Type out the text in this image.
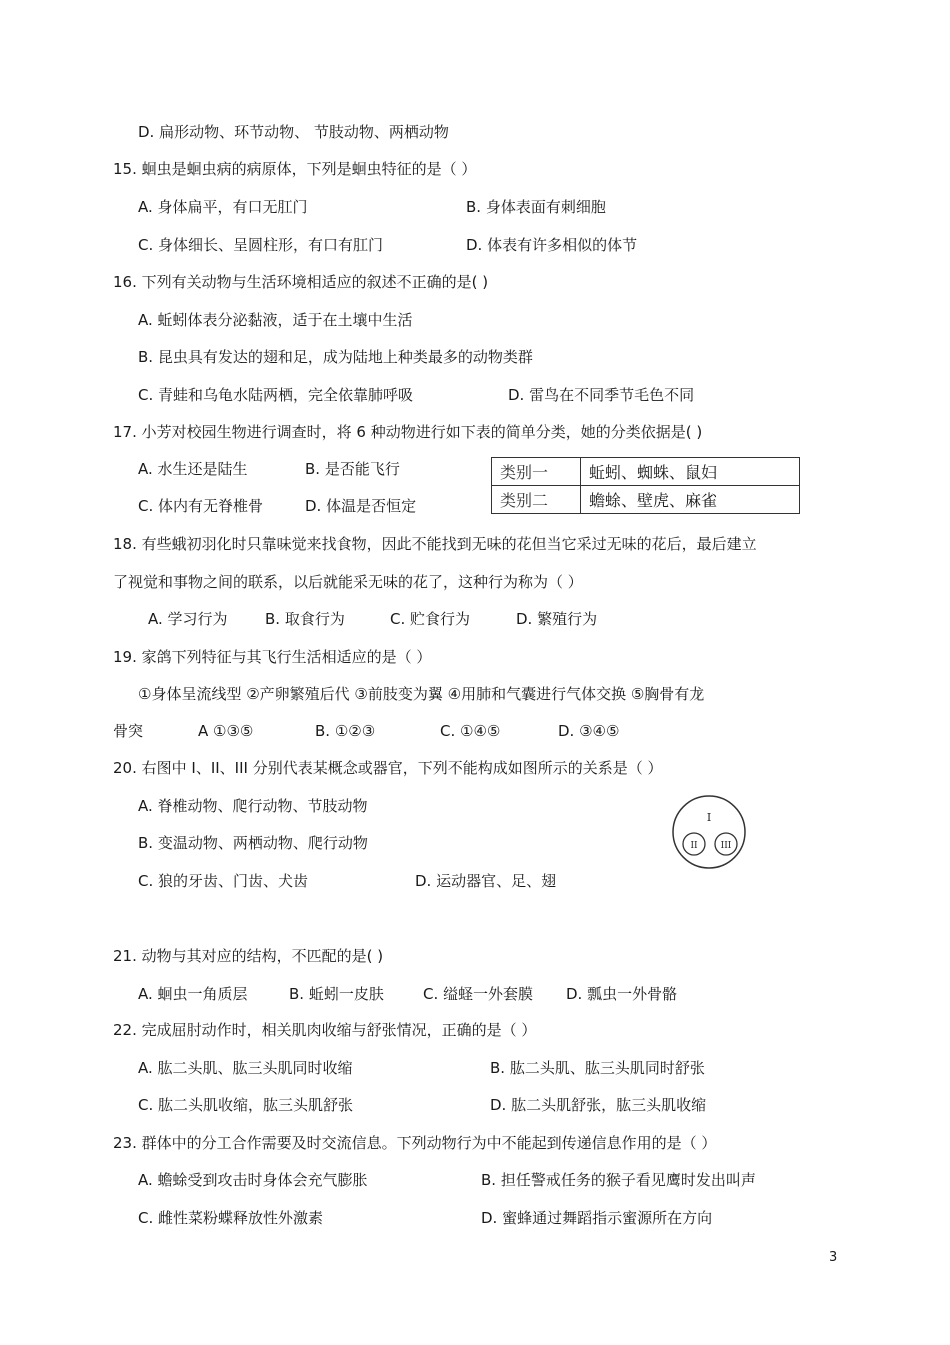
D. 扁形动物、环节动物、 节肢动物、两栖动物
15. 蛔虫是蛔虫病的病原体，下列是蛔虫特征的是（ ）
A. 身体扁平，有口无肛门	B. 身体表面有刺细胞
C. 身体细长、呈圆柱形，有口有肛门	D. 体表有许多相似的体节
16. 下列有关动物与生活环境相适应的叙述不正确的是( )
A. 蚯蚓体表分泌黏液，适于在土壤中生活
B. 昆虫具有发达的翅和足，成为陆地上种类最多的动物类群
C. 青蛙和乌龟水陆两栖，完全依靠肺呼吸	D. 雷鸟在不同季节毛色不同
17. 小芳对校园生物进行调查时，将 6 种动物进行如下表的简单分类，她的分类依据是( )
A. 水生还是陆生	B. 是否能飞行
C. 体内有无脊椎骨	D. 体温是否恒定
类别一	蚯蚓、蜘蛛、鼠妇
类别二	蟾蜍、壁虎、麻雀
18. 有些蛾初羽化时只靠味觉来找食物，因此不能找到无味的花但当它采过无味的花后，最后建立
了视觉和事物之间的联系，以后就能采无味的花了，这种行为称为（ ）
A. 学习行为 B. 取食行为	C. 贮食行为	D. 繁殖行为
19. 家鸽下列特征与其飞行生活相适应的是（ ）
①身体呈流线型 ②产卵繁殖后代 ③前肢变为翼 ④用肺和气囊进行气体交换 ⑤胸骨有龙
骨突	A ①③⑤	B. ①②③	C. ①④⑤	D. ③④⑤
20. 右图中 I、II、III 分别代表某概念或器官，下列不能构成如图所示的关系是（ ）
A. 脊椎动物、爬行动物、节肢动物
B. 变温动物、两栖动物、爬行动物
C. 狼的牙齿、门齿、犬齿	D. 运动器官、足、翅
I
II	III
21. 动物与其对应的结构，不匹配的是( )
A. 蛔虫一角质层	B. 蚯蚓一皮肤	C. 缢蛏一外套膜 D. 瓢虫一外骨骼
22. 完成屈肘动作时，相关肌肉收缩与舒张情况，正确的是（ ）
A. 肱二头肌、肱三头肌同时收缩	B. 肱二头肌、肱三头肌同时舒张
C. 肱二头肌收缩，肱三头肌舒张	D. 肱二头肌舒张，肱三头肌收缩
23. 群体中的分工合作需要及时交流信息。下列动物行为中不能起到传递信息作用的是（ ）
A. 蟾蜍受到攻击时身体会充气膨胀	B. 担任警戒任务的猴子看见鹰时发出叫声
C. 雌性菜粉蝶释放性外激素	D. 蜜蜂通过舞蹈指示蜜源所在方向
3
